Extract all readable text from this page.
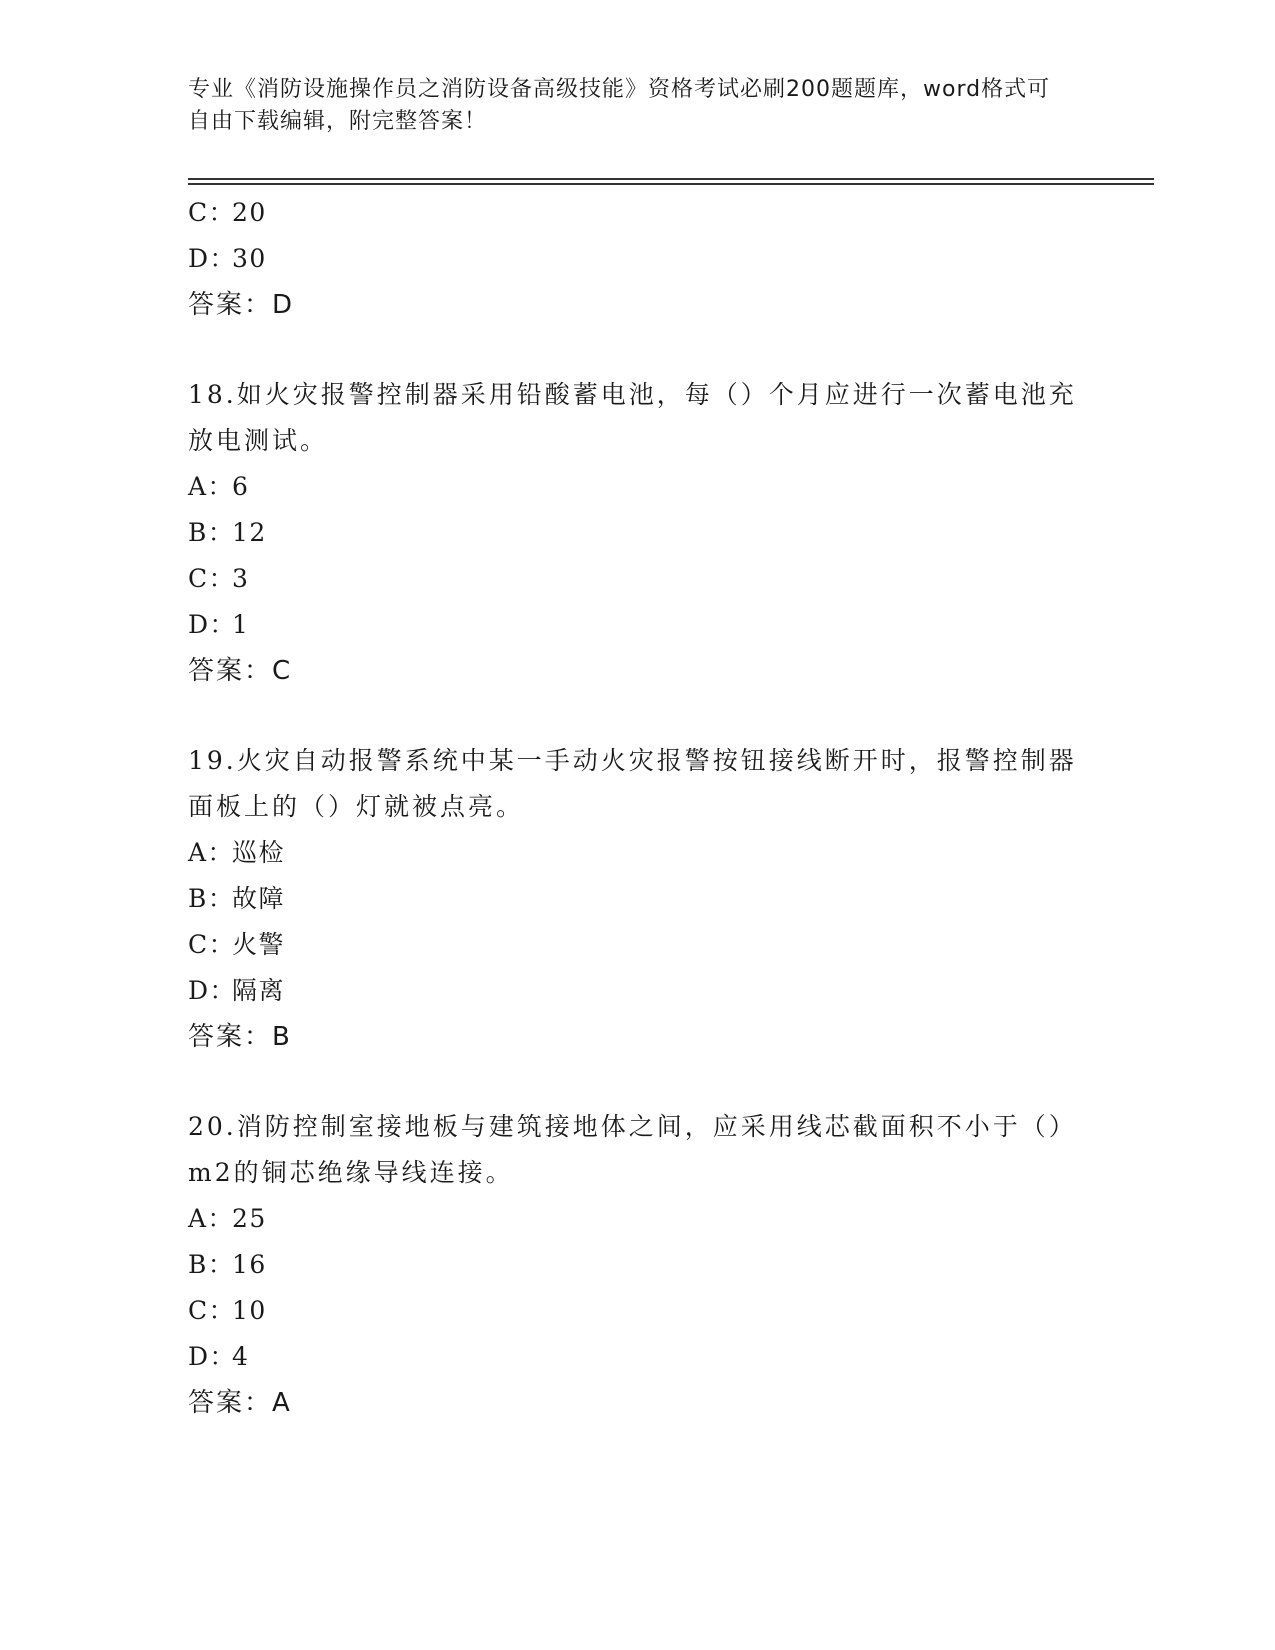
专业《消防设施操作员之消防设备高级技能》资格考试必刷200题题库，word格式可自由下载编辑，附完整答案！
C：20
D：30
答案：D
18.如火灾报警控制器采用铅酸蓄电池，每（）个月应进行一次蓄电池充放电测试。
A：6
B：12
C：3
D：1
答案：C
19.火灾自动报警系统中某一手动火灾报警按钮接线断开时，报警控制器面板上的（）灯就被点亮。
A：巡检
B：故障
C：火警
D：隔离
答案：B
20.消防控制室接地板与建筑接地体之间，应采用线芯截面积不小于（）m2的铜芯绝缘导线连接。
A：25
B：16
C：10
D：4
答案：A
